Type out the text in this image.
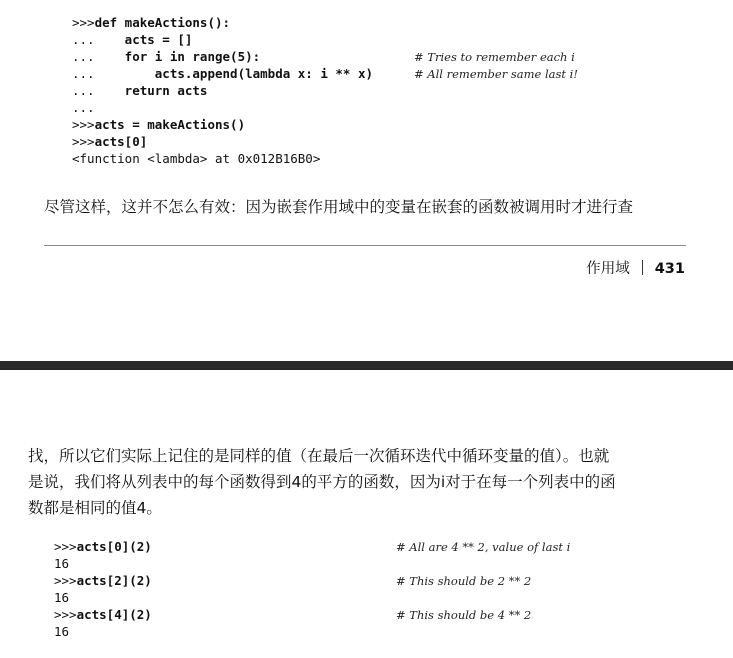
>>>def makeActions():
...    acts = []
...    for i in range(5):	# Tries to remember each i
...        acts.append(lambda x: i ** x)	# All remember same last i!
...    return acts
...
>>>acts = makeActions()
>>>acts[0]
<function <lambda> at 0x012B16B0>
尽管这样，这并不怎么有效：因为嵌套作用域中的变量在嵌套的函数被调用时才进行查
作用域 431
找，所以它们实际上记住的是同样的值（在最后一次循环迭代中循环变量的值）。也就
是说，我们将从列表中的每个函数得到4的平方的函数，因为i对于在每一个列表中的函
数都是相同的值4。
>>>acts[0](2)	# All are 4 ** 2, value of last i
16
>>>acts[2](2)	# This should be 2 ** 2
16
>>>acts[4](2)	# This should be 4 ** 2
16
